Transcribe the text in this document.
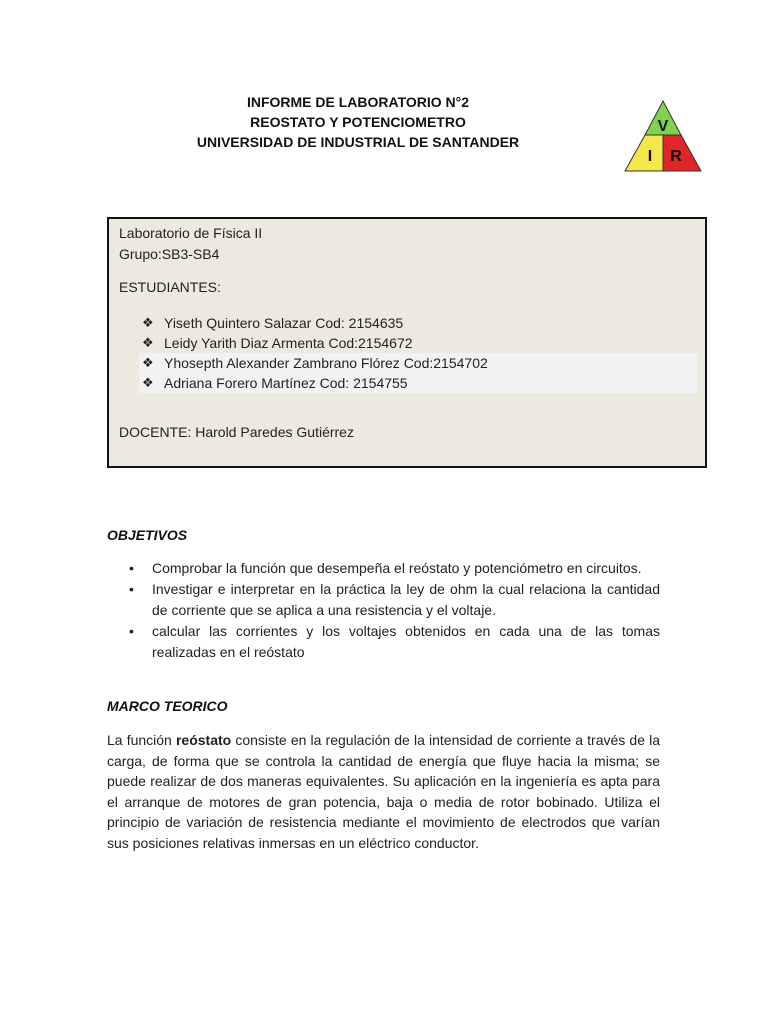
INFORME DE LABORATORIO N°2
REOSTATO Y POTENCIOMETRO
UNIVERSIDAD DE INDUSTRIAL DE SANTANDER
V
I R
Laboratorio de Física II
Grupo:SB3-SB4
ESTUDIANTES:
❖ Yiseth Quintero Salazar Cod: 2154635
❖ Leidy Yarith Diaz Armenta Cod:2154672
❖ Yhosepth Alexander Zambrano Flórez Cod:2154702
❖ Adriana Forero Martínez Cod: 2154755
DOCENTE: Harold Paredes Gutiérrez
OBJETIVOS
• Comprobar la función que desempeña el reóstato y potenciómetro en circuitos.
• Investigar e interpretar en la práctica la ley de ohm la cual relaciona la cantidad de corriente que se aplica a una resistencia y el voltaje.
• calcular las corrientes y los voltajes obtenidos en cada una de las tomas realizadas en el reóstato
MARCO TEORICO
La función reóstato consiste en la regulación de la intensidad de corriente a través de la carga, de forma que se controla la cantidad de energía que fluye hacia la misma; se puede realizar de dos maneras equivalentes. Su aplicación en la ingeniería es apta para el arranque de motores de gran potencia, baja o media de rotor bobinado. Utiliza el principio de variación de resistencia mediante el movimiento de electrodos que varían sus posiciones relativas inmersas en un eléctrico conductor.
